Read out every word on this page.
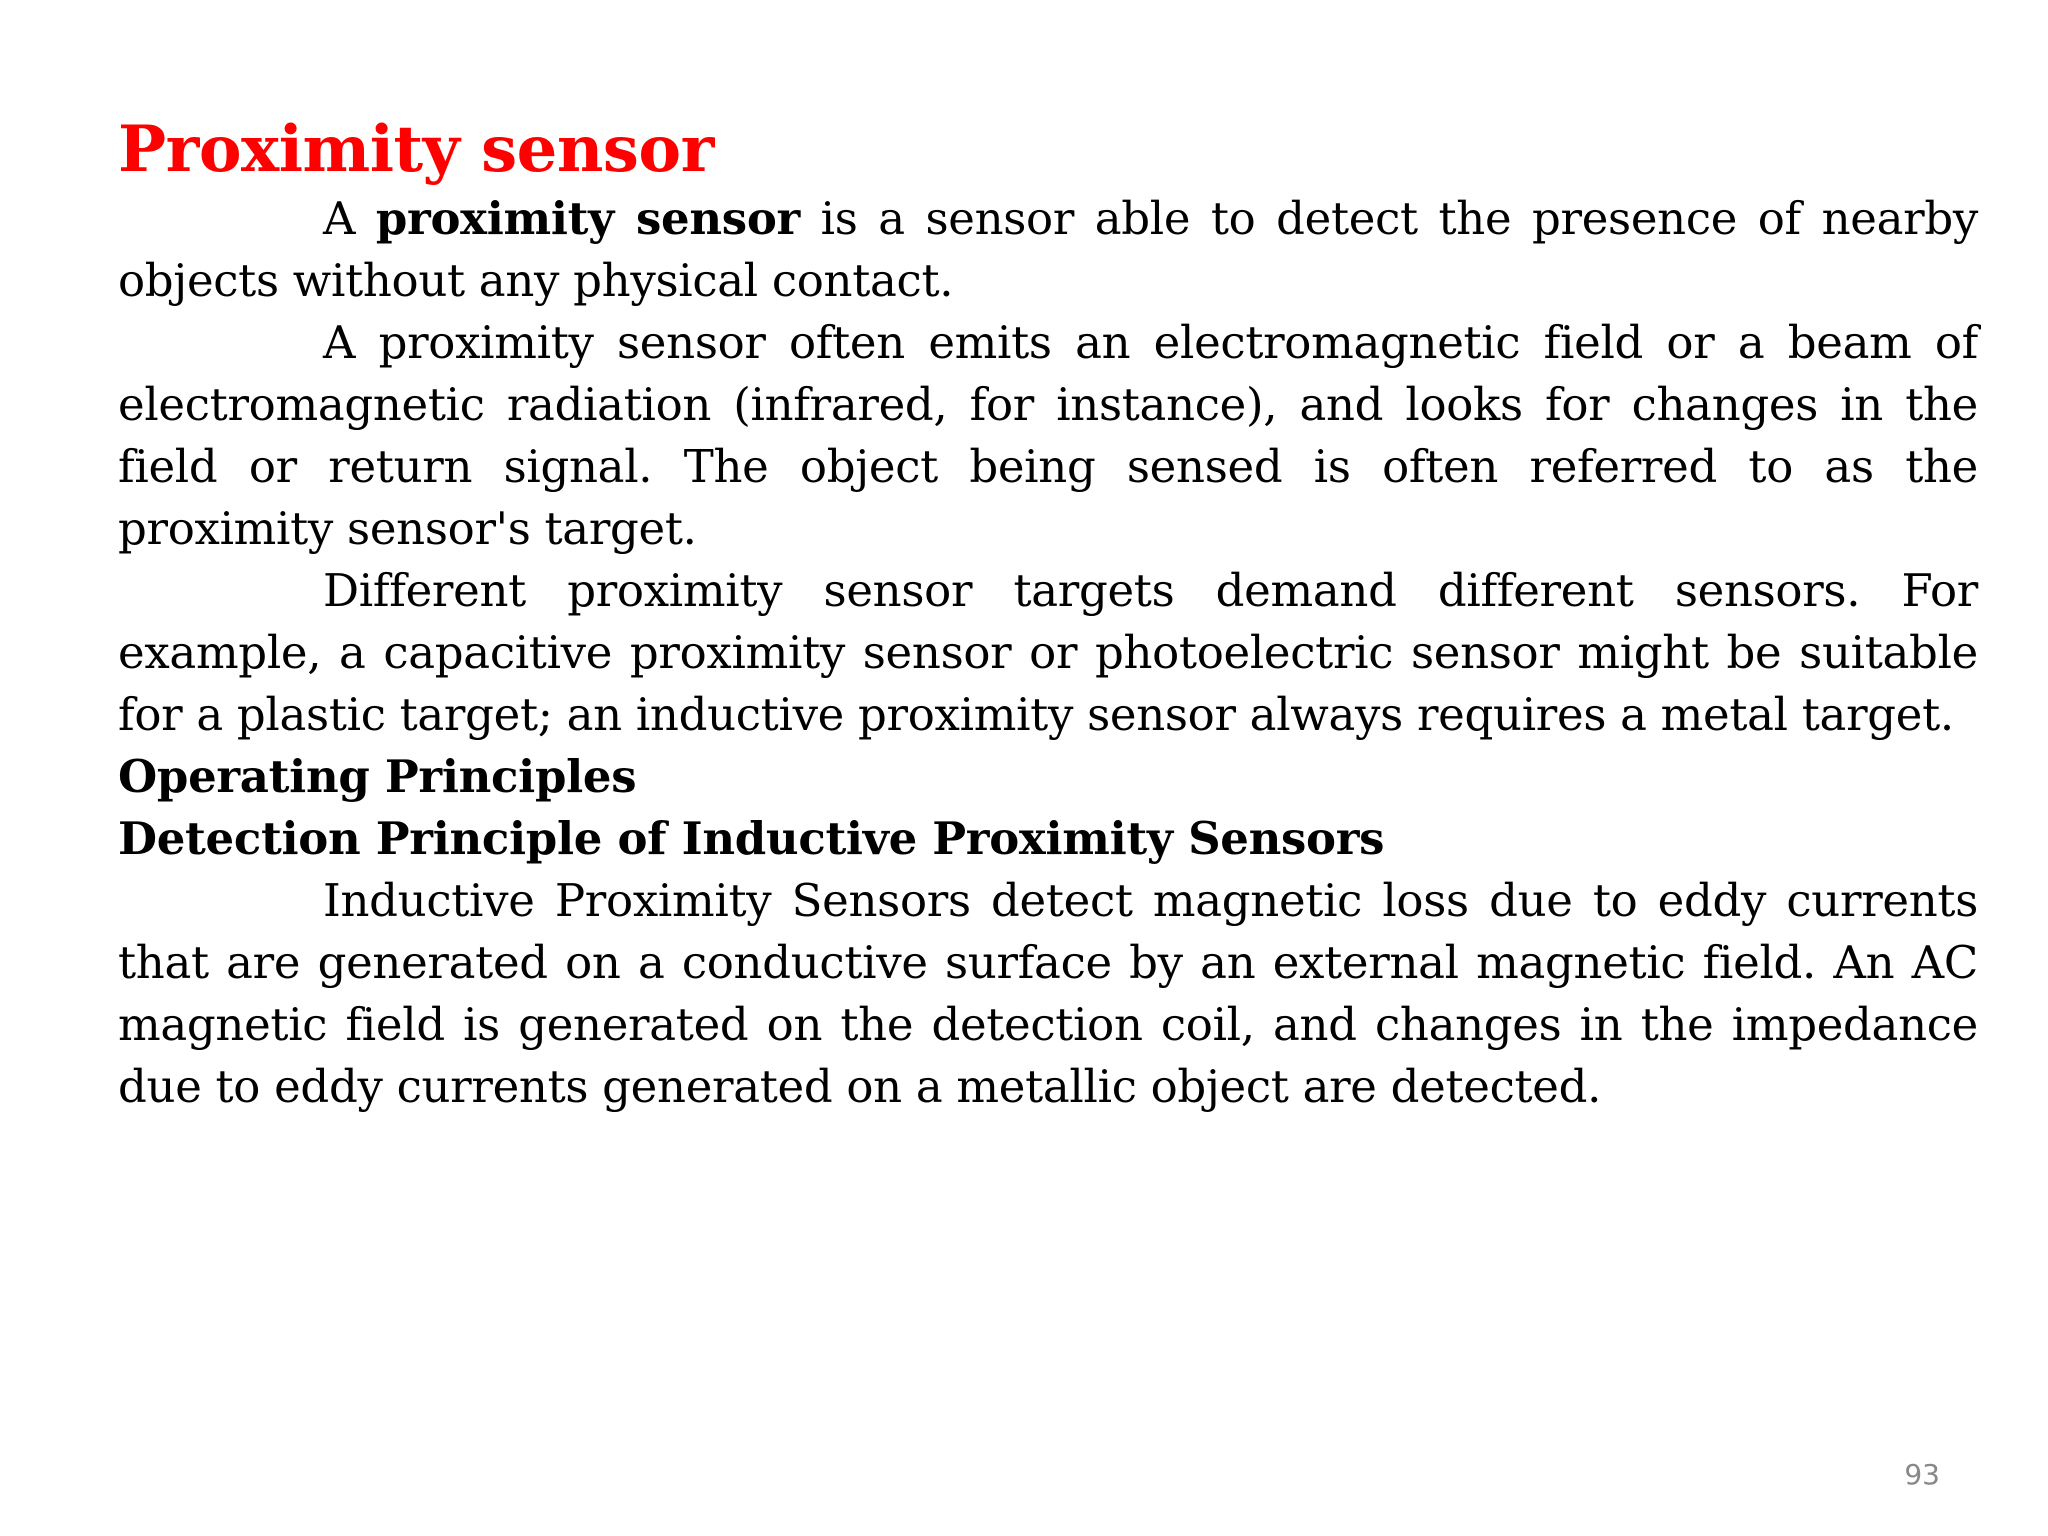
Proximity sensor

A proximity sensor is a sensor able to detect the presence of nearby objects without any physical contact.

A proximity sensor often emits an electromagnetic field or a beam of electromagnetic radiation (infrared, for instance), and looks for changes in the field or return signal. The object being sensed is often referred to as the proximity sensor's target.

Different proximity sensor targets demand different sensors. For example, a capacitive proximity sensor or photoelectric sensor might be suitable for a plastic target; an inductive proximity sensor always requires a metal target.

Operating Principles
Detection Principle of Inductive Proximity Sensors

Inductive Proximity Sensors detect magnetic loss due to eddy currents that are generated on a conductive surface by an external magnetic field. An AC magnetic field is generated on the detection coil, and changes in the impedance due to eddy currents generated on a metallic object are detected.

93
